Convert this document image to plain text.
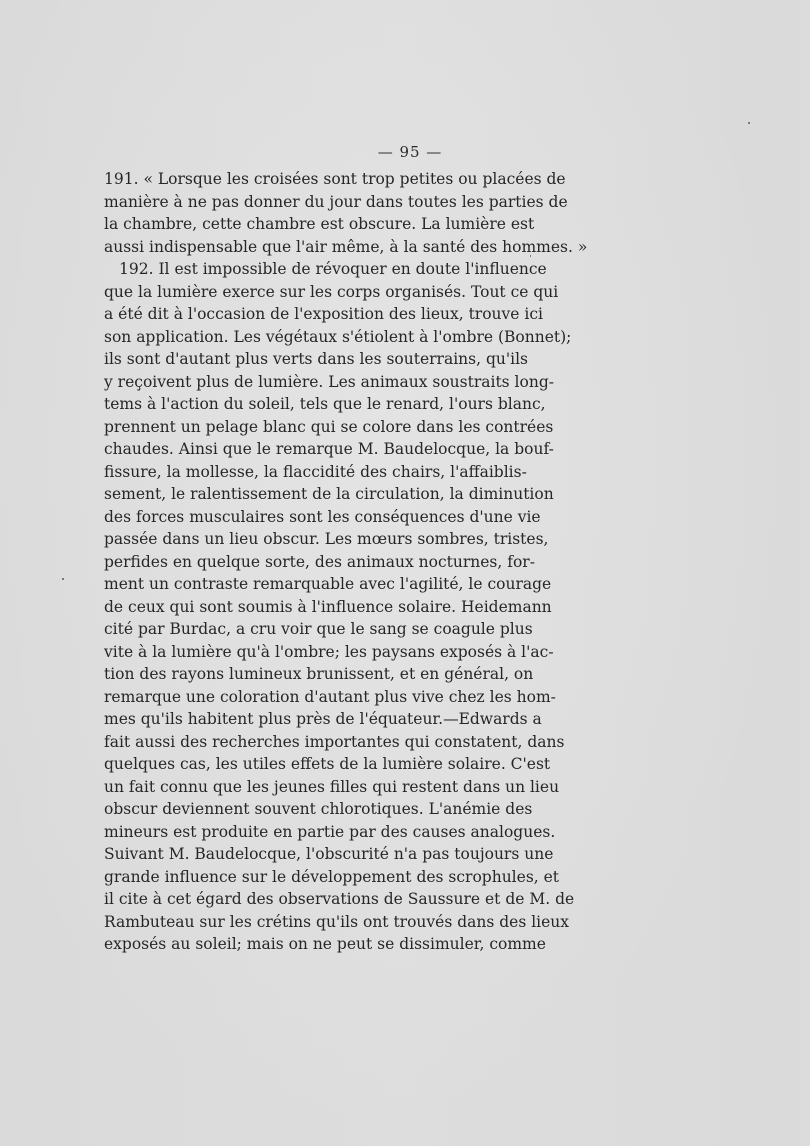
— 95 —
191. « Lorsque les croisées sont trop petites ou placées de
manière à ne pas donner du jour dans toutes les parties de
la chambre, cette chambre est obscure. La lumière est
aussi indispensable que l'air même, à la santé des hommes. »
192. Il est impossible de révoquer en doute l'influence
que la lumière exerce sur les corps organisés. Tout ce qui
a été dit à l'occasion de l'exposition des lieux, trouve ici
son application. Les végétaux s'étiolent à l'ombre (Bonnet);
ils sont d'autant plus verts dans les souterrains, qu'ils
y reçoivent plus de lumière. Les animaux soustraits long-
tems à l'action du soleil, tels que le renard, l'ours blanc,
prennent un pelage blanc qui se colore dans les contrées
chaudes. Ainsi que le remarque M. Baudelocque, la bouf-
fissure, la mollesse, la flaccidité des chairs, l'affaiblis-
sement, le ralentissement de la circulation, la diminution
des forces musculaires sont les conséquences d'une vie
passée dans un lieu obscur. Les mœurs sombres, tristes,
perfides en quelque sorte, des animaux nocturnes, for-
ment un contraste remarquable avec l'agilité, le courage
de ceux qui sont soumis à l'influence solaire. Heidemann
cité par Burdac, a cru voir que le sang se coagule plus
vite à la lumière qu'à l'ombre; les paysans exposés à l'ac-
tion des rayons lumineux brunissent, et en général, on
remarque une coloration d'autant plus vive chez les hom-
mes qu'ils habitent plus près de l'équateur.—Edwards a
fait aussi des recherches importantes qui constatent, dans
quelques cas, les utiles effets de la lumière solaire. C'est
un fait connu que les jeunes filles qui restent dans un lieu
obscur deviennent souvent chlorotiques. L'anémie des
mineurs est produite en partie par des causes analogues.
Suivant M. Baudelocque, l'obscurité n'a pas toujours une
grande influence sur le développement des scrophules, et
il cite à cet égard des observations de Saussure et de M. de
Rambuteau sur les crétins qu'ils ont trouvés dans des lieux
exposés au soleil; mais on ne peut se dissimuler, comme
